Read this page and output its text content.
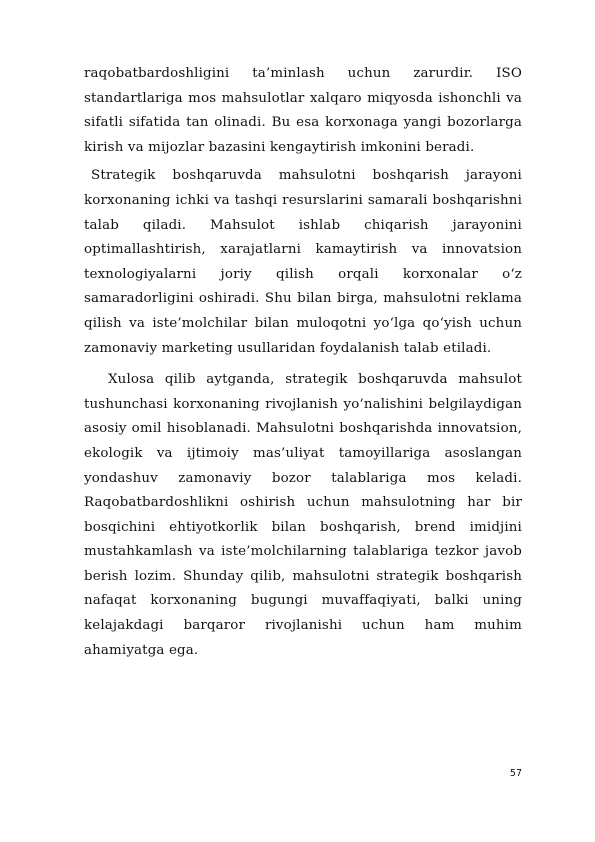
raqobatbardoshligini ta’minlash uchun zarurdir. ISO standartlariga mos mahsulotlar xalqaro miqyosda ishonchli va sifatli sifatida tan olinadi. Bu esa korxonaga yangi bozorlarga kirish va mijozlar bazasini kengaytirish imkonini beradi.

Strategik boshqaruvda mahsulotni boshqarish jarayoni korxonaning ichki va tashqi resurslarini samarali boshqarishni talab qiladi. Mahsulot ishlab chiqarish jarayonini optimallashtirish, xarajatlarni kamaytirish va innovatsion texnologiyalarni joriy qilish orqali korxonalar o‘z samaradorligini oshiradi. Shu bilan birga, mahsulotni reklama qilish va iste’molchilar bilan muloqotni yo‘lga qo‘yish uchun zamonaviy marketing usullaridan foydalanish talab etiladi.

Xulosa qilib aytganda, strategik boshqaruvda mahsulot tushunchasi korxonaning rivojlanish yo‘nalishini belgilaydigan asosiy omil hisoblanadi. Mahsulotni boshqarishda innovatsion, ekologik va ijtimoiy mas’uliyat tamoyillariga asoslangan yondashuv zamonaviy bozor talablariga mos keladi. Raqobatbardoshlikni oshirish uchun mahsulotning har bir bosqichini ehtiyotkorlik bilan boshqarish, brend imidjini mustahkamlash va iste’molchilarning talablariga tezkor javob berish lozim. Shunday qilib, mahsulotni strategik boshqarish nafaqat korxonaning bugungi muvaffaqiyati, balki uning kelajakdagi barqaror rivojlanishi uchun ham muhim ahamiyatga ega.

57
